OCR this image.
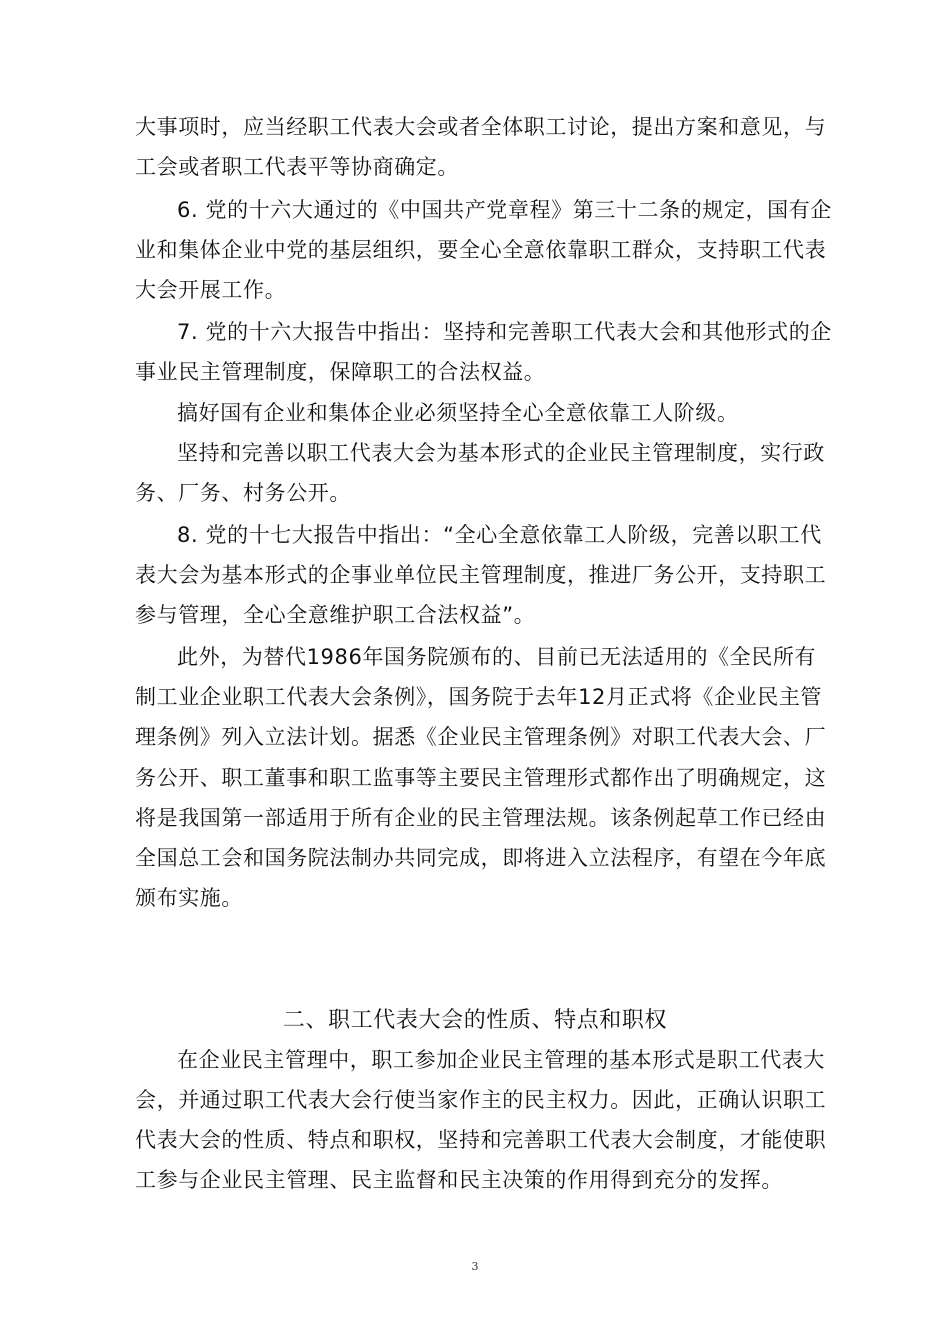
大事项时，应当经职工代表大会或者全体职工讨论，提出方案和意见，与
工会或者职工代表平等协商确定。
6. 党的十六大通过的《中国共产党章程》第三十二条的规定，国有企
业和集体企业中党的基层组织，要全心全意依靠职工群众，支持职工代表
大会开展工作。
7. 党的十六大报告中指出：坚持和完善职工代表大会和其他形式的企
事业民主管理制度，保障职工的合法权益。
搞好国有企业和集体企业必须坚持全心全意依靠工人阶级。
坚持和完善以职工代表大会为基本形式的企业民主管理制度，实行政
务、厂务、村务公开。
8. 党的十七大报告中指出：“全心全意依靠工人阶级，完善以职工代
表大会为基本形式的企事业单位民主管理制度，推进厂务公开，支持职工
参与管理，全心全意维护职工合法权益”。
此外，为替代1986年国务院颁布的、目前已无法适用的《全民所有
制工业企业职工代表大会条例》，国务院于去年12月正式将《企业民主管
理条例》列入立法计划。据悉《企业民主管理条例》对职工代表大会、厂
务公开、职工董事和职工监事等主要民主管理形式都作出了明确规定，这
将是我国第一部适用于所有企业的民主管理法规。该条例起草工作已经由
全国总工会和国务院法制办共同完成，即将进入立法程序，有望在今年底
颁布实施。
二、职工代表大会的性质、特点和职权
在企业民主管理中，职工参加企业民主管理的基本形式是职工代表大
会，并通过职工代表大会行使当家作主的民主权力。因此，正确认识职工
代表大会的性质、特点和职权，坚持和完善职工代表大会制度，才能使职
工参与企业民主管理、民主监督和民主决策的作用得到充分的发挥。
3
